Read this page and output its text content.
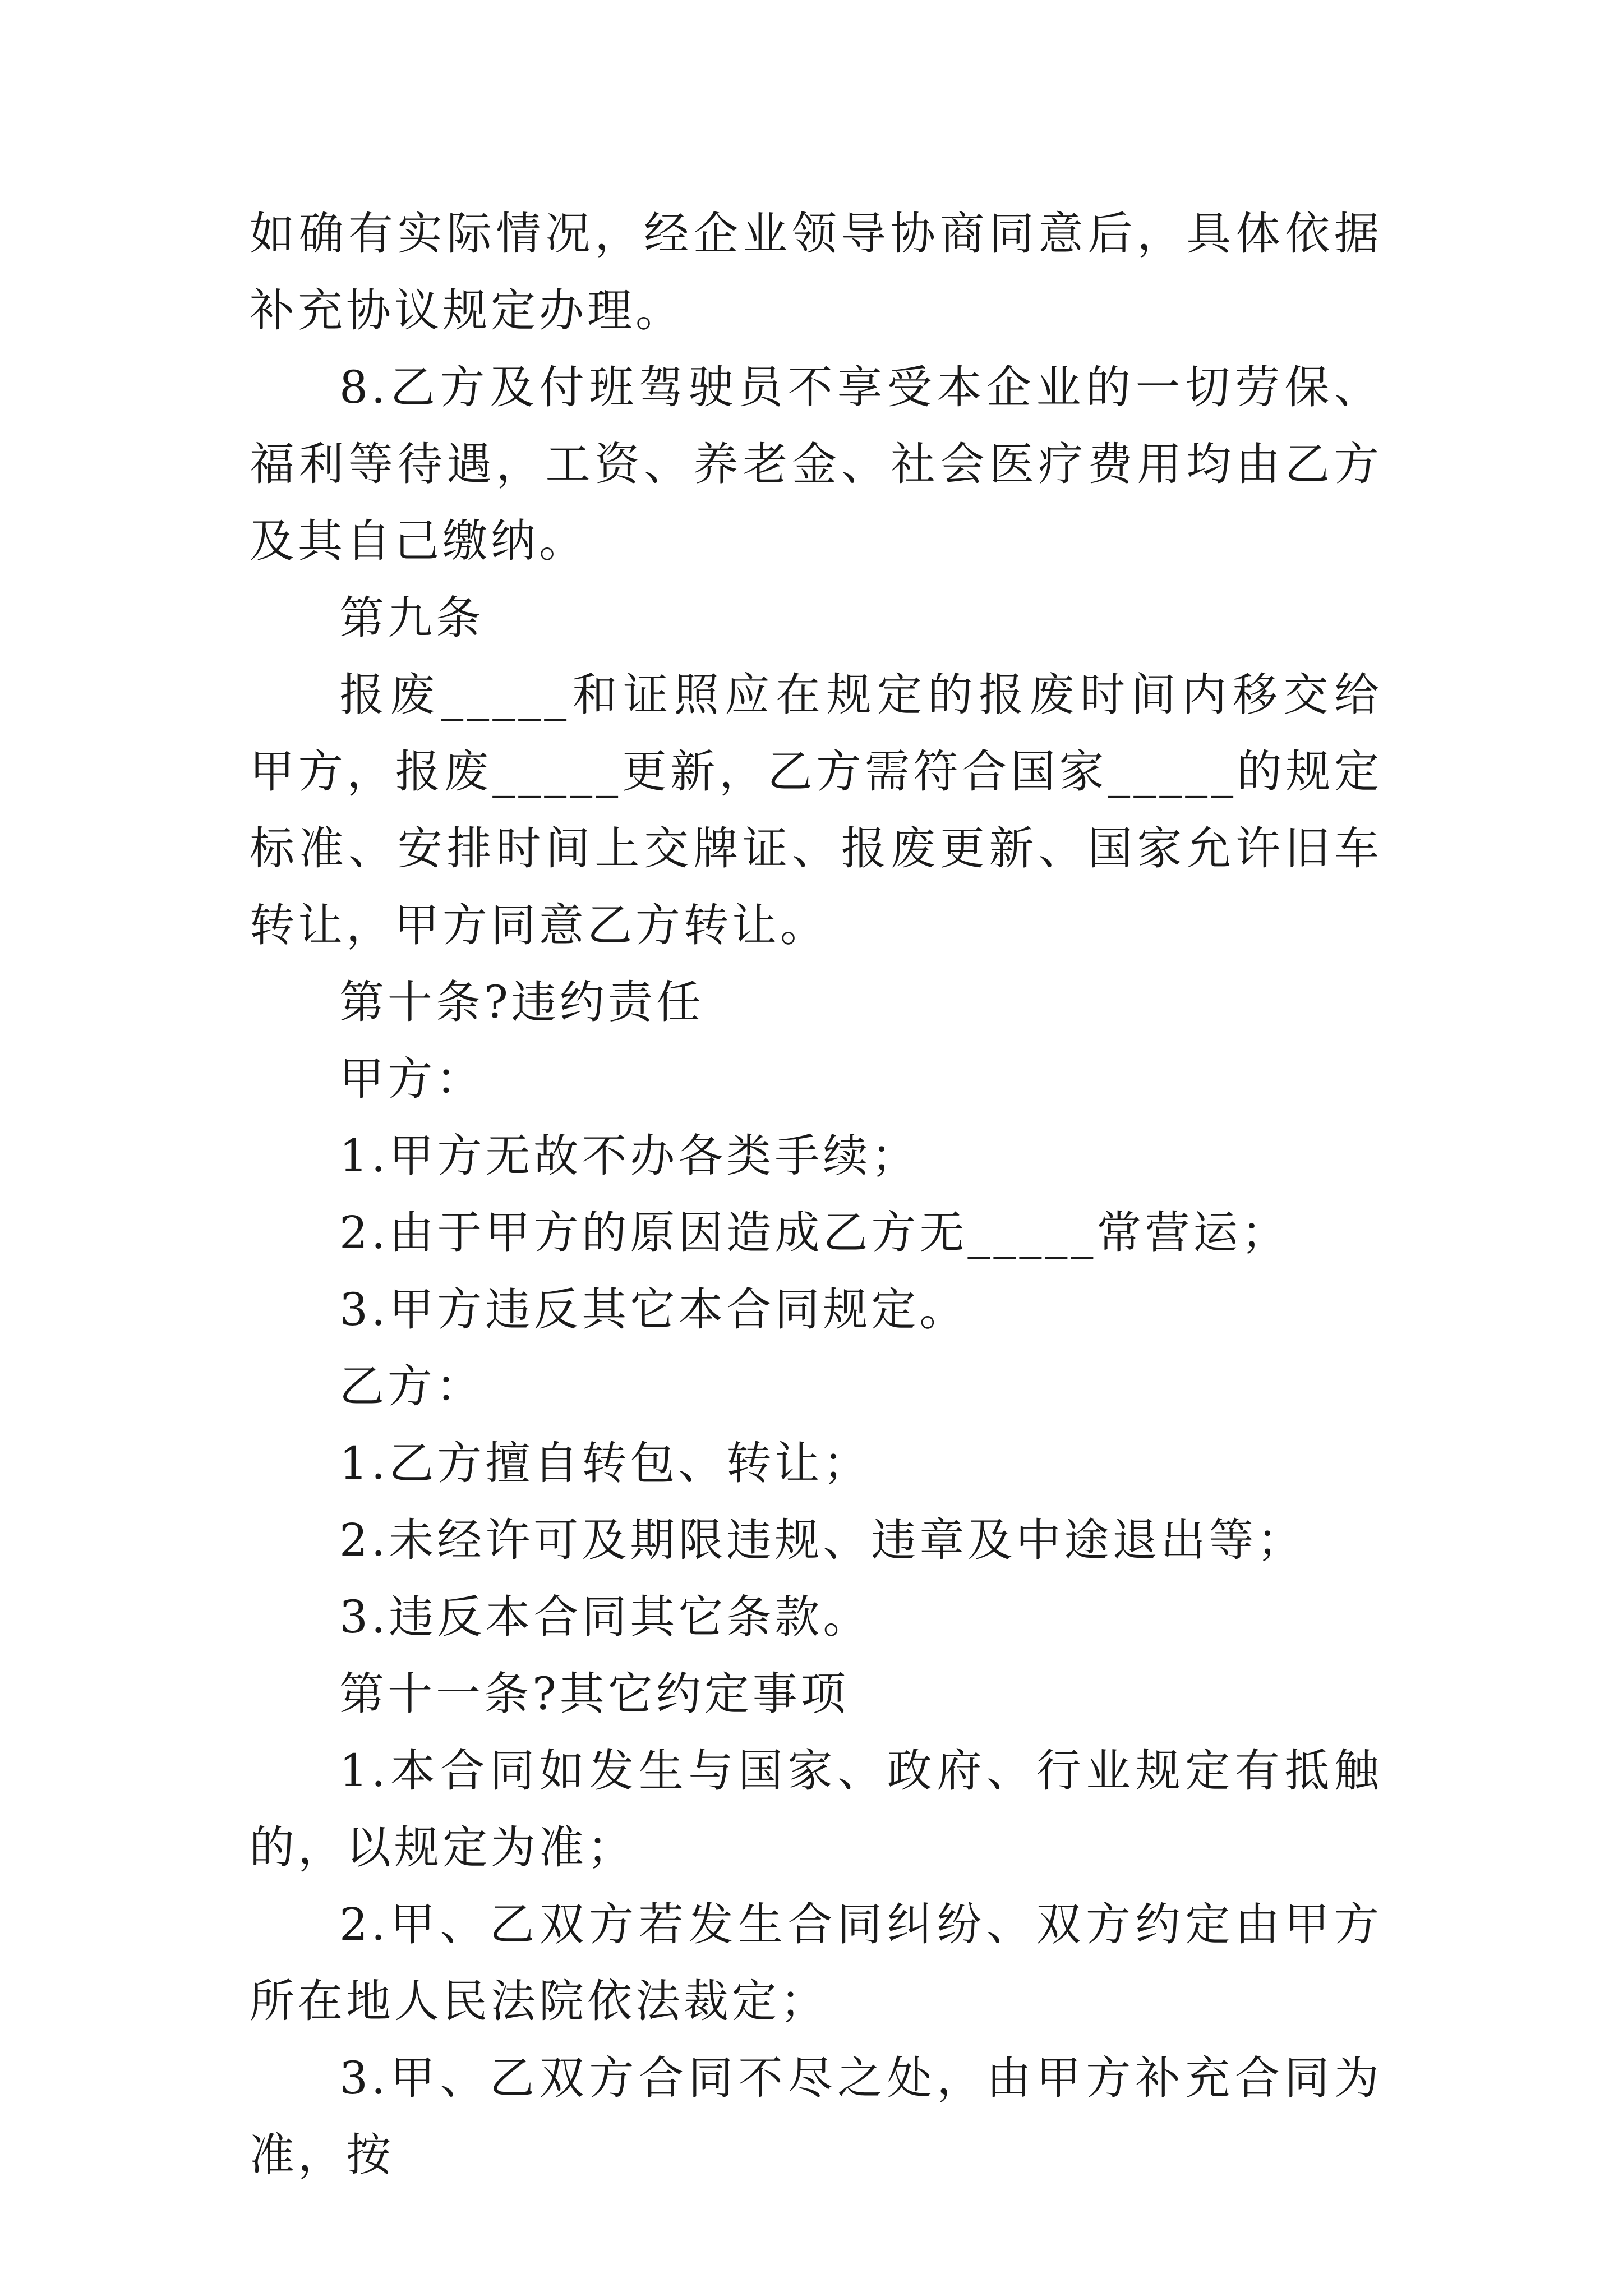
如确有实际情况，经企业领导协商同意后，具体依据补充协议规定办理。

8.乙方及付班驾驶员不享受本企业的一切劳保、福利等待遇，工资、养老金、社会医疗费用均由乙方及其自己缴纳。

第九条

报废_____和证照应在规定的报废时间内移交给甲方，报废_____更新，乙方需符合国家_____的规定标准、安排时间上交牌证、报废更新、国家允许旧车转让，甲方同意乙方转让。

第十条?违约责任

甲方：

1.甲方无故不办各类手续；

2.由于甲方的原因造成乙方无_____常营运；

3.甲方违反其它本合同规定。

乙方：

1.乙方擅自转包、转让；

2.未经许可及期限违规、违章及中途退出等；

3.违反本合同其它条款。

第十一条?其它约定事项

1.本合同如发生与国家、政府、行业规定有抵触的，以规定为准；

2.甲、乙双方若发生合同纠纷、双方约定由甲方所在地人民法院依法裁定；

3.甲、乙双方合同不尽之处，由甲方补充合同为准，按
